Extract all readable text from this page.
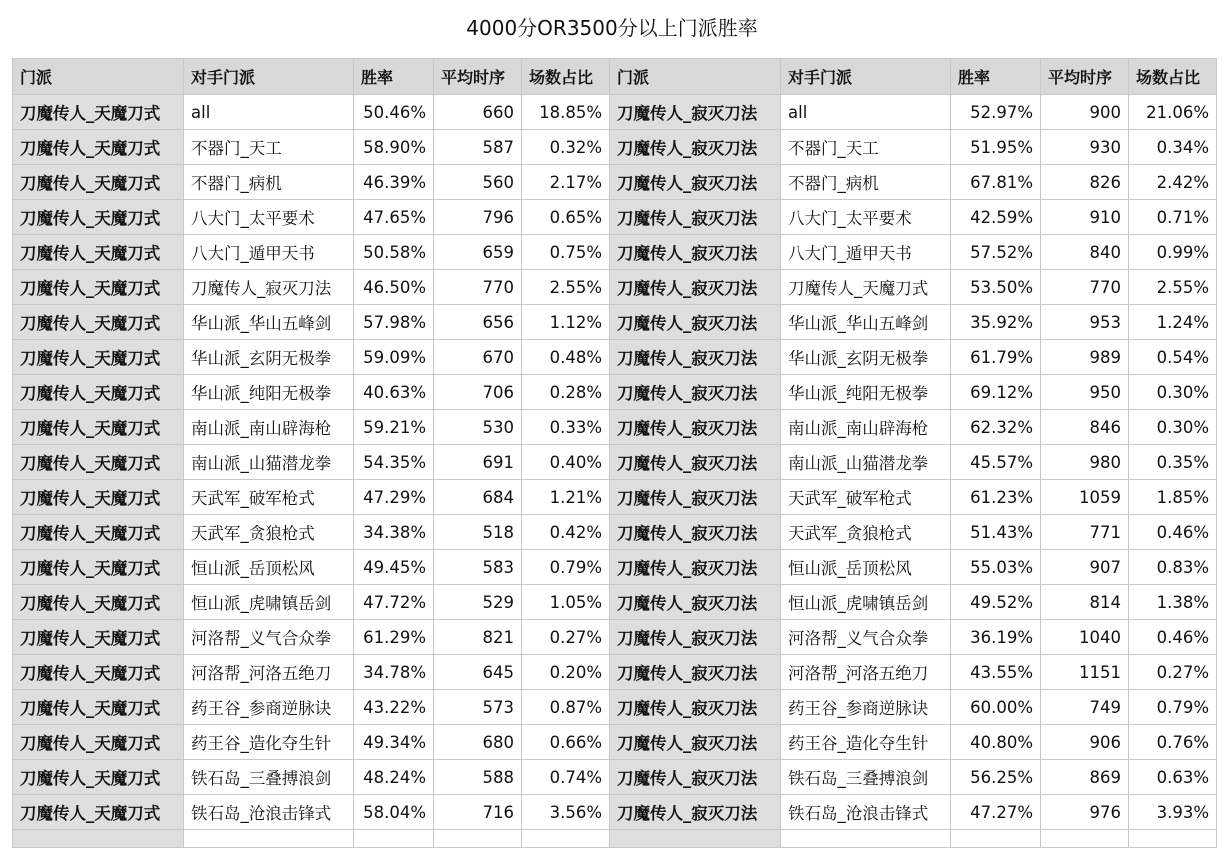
4000分OR3500分以上门派胜率
门派	对手门派	胜率	平均时序	场数占比	门派	对手门派	胜率	平均时序	场数占比
刀魔传人_天魔刀式	all	50.46%	660	18.85%	刀魔传人_寂灭刀法	all	52.97%	900	21.06%
刀魔传人_天魔刀式	不器门_天工	58.90%	587	0.32%	刀魔传人_寂灭刀法	不器门_天工	51.95%	930	0.34%
刀魔传人_天魔刀式	不器门_病机	46.39%	560	2.17%	刀魔传人_寂灭刀法	不器门_病机	67.81%	826	2.42%
刀魔传人_天魔刀式	八大门_太平要术	47.65%	796	0.65%	刀魔传人_寂灭刀法	八大门_太平要术	42.59%	910	0.71%
刀魔传人_天魔刀式	八大门_遁甲天书	50.58%	659	0.75%	刀魔传人_寂灭刀法	八大门_遁甲天书	57.52%	840	0.99%
刀魔传人_天魔刀式	刀魔传人_寂灭刀法	46.50%	770	2.55%	刀魔传人_寂灭刀法	刀魔传人_天魔刀式	53.50%	770	2.55%
刀魔传人_天魔刀式	华山派_华山五峰剑	57.98%	656	1.12%	刀魔传人_寂灭刀法	华山派_华山五峰剑	35.92%	953	1.24%
刀魔传人_天魔刀式	华山派_玄阴无极拳	59.09%	670	0.48%	刀魔传人_寂灭刀法	华山派_玄阴无极拳	61.79%	989	0.54%
刀魔传人_天魔刀式	华山派_纯阳无极拳	40.63%	706	0.28%	刀魔传人_寂灭刀法	华山派_纯阳无极拳	69.12%	950	0.30%
刀魔传人_天魔刀式	南山派_南山辟海枪	59.21%	530	0.33%	刀魔传人_寂灭刀法	南山派_南山辟海枪	62.32%	846	0.30%
刀魔传人_天魔刀式	南山派_山猫潜龙拳	54.35%	691	0.40%	刀魔传人_寂灭刀法	南山派_山猫潜龙拳	45.57%	980	0.35%
刀魔传人_天魔刀式	天武军_破军枪式	47.29%	684	1.21%	刀魔传人_寂灭刀法	天武军_破军枪式	61.23%	1059	1.85%
刀魔传人_天魔刀式	天武军_贪狼枪式	34.38%	518	0.42%	刀魔传人_寂灭刀法	天武军_贪狼枪式	51.43%	771	0.46%
刀魔传人_天魔刀式	恒山派_岳顶松风	49.45%	583	0.79%	刀魔传人_寂灭刀法	恒山派_岳顶松风	55.03%	907	0.83%
刀魔传人_天魔刀式	恒山派_虎啸镇岳剑	47.72%	529	1.05%	刀魔传人_寂灭刀法	恒山派_虎啸镇岳剑	49.52%	814	1.38%
刀魔传人_天魔刀式	河洛帮_义气合众拳	61.29%	821	0.27%	刀魔传人_寂灭刀法	河洛帮_义气合众拳	36.19%	1040	0.46%
刀魔传人_天魔刀式	河洛帮_河洛五绝刀	34.78%	645	0.20%	刀魔传人_寂灭刀法	河洛帮_河洛五绝刀	43.55%	1151	0.27%
刀魔传人_天魔刀式	药王谷_参商逆脉诀	43.22%	573	0.87%	刀魔传人_寂灭刀法	药王谷_参商逆脉诀	60.00%	749	0.79%
刀魔传人_天魔刀式	药王谷_造化夺生针	49.34%	680	0.66%	刀魔传人_寂灭刀法	药王谷_造化夺生针	40.80%	906	0.76%
刀魔传人_天魔刀式	铁石岛_三叠搏浪剑	48.24%	588	0.74%	刀魔传人_寂灭刀法	铁石岛_三叠搏浪剑	56.25%	869	0.63%
刀魔传人_天魔刀式	铁石岛_沧浪击锋式	58.04%	716	3.56%	刀魔传人_寂灭刀法	铁石岛_沧浪击锋式	47.27%	976	3.93%
